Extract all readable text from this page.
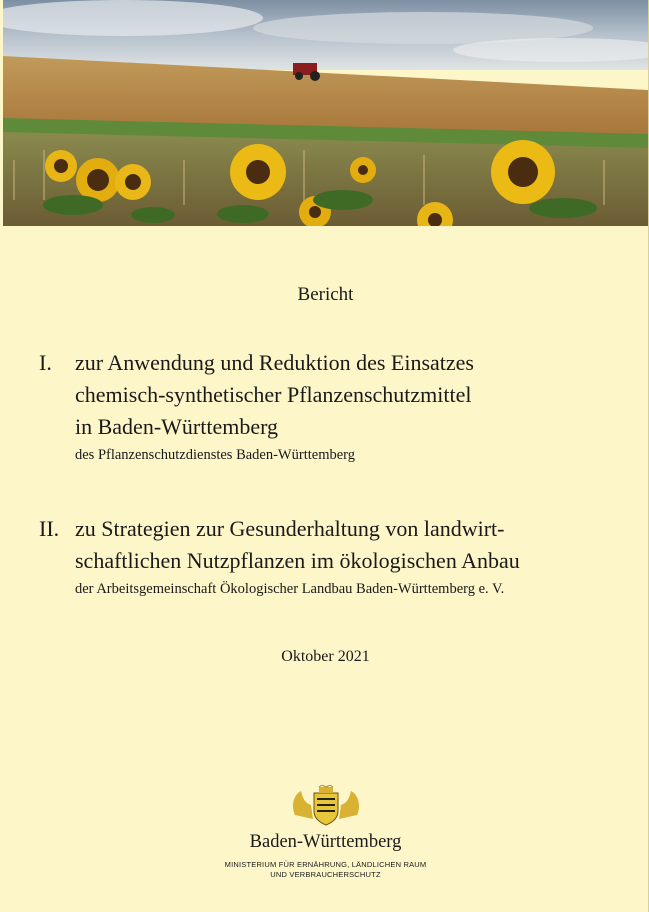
Bericht
I. zur Anwendung und Reduktion des Einsatzes
chemisch-synthetischer Pflanzenschutzmittel
in Baden-Württemberg
des Pflanzenschutzdienstes Baden-Württemberg
II. zu Strategien zur Gesunderhaltung von landwirt-
schaftlichen Nutzpflanzen im ökologischen Anbau
der Arbeitsgemeinschaft Ökologischer Landbau Baden-Württemberg e. V.
Oktober 2021
Baden-Württemberg
MINISTERIUM FÜR ERNÄHRUNG, LÄNDLICHEN RAUM
UND VERBRAUCHERSCHUTZ
